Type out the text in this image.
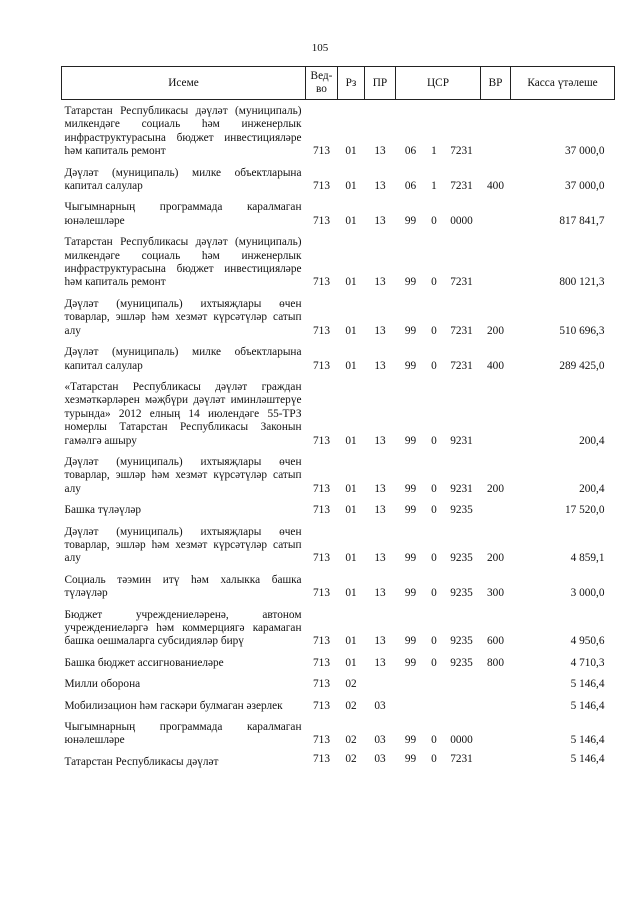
105
Исеме	Вед-во	Рз	ПР	ЦСР			ВР	Касса үтәлеше
Татарстан Республикасы дәүләт (муниципаль) милкендәге социаль һәм инженерлык инфраструктурасына бюджет инвестицияләре һәм капиталь ремонт	713	01	13	06	1	7231		37 000,0
Дәүләт (муниципаль) милке объектларына капитал салулар	713	01	13	06	1	7231	400	37 000,0
Чыгымнарның программада каралмаган юнәлешләре	713	01	13	99	0	0000		817 841,7
Татарстан Республикасы дәүләт (муниципаль) милкендәге социаль һәм инженерлык инфраструктурасына бюджет инвестицияләре һәм капиталь ремонт	713	01	13	99	0	7231		800 121,3
Дәүләт (муниципаль) ихтыяҗлары өчен товарлар, эшләр һәм хезмәт күрсәтүләр сатып алу	713	01	13	99	0	7231	200	510 696,3
Дәүләт (муниципаль) милке объектларына капитал салулар	713	01	13	99	0	7231	400	289 425,0
«Татарстан Республикасы дәүләт граждан хезмәткәрләрен мәҗбүри дәүләт иминләштерүе турында» 2012 елның 14 июлендәге 55-ТРЗ номерлы Татарстан Республикасы Законын гамәлгә ашыру	713	01	13	99	0	9231		200,4
Дәүләт (муниципаль) ихтыяҗлары өчен товарлар, эшләр һәм хезмәт күрсәтүләр сатып алу	713	01	13	99	0	9231	200	200,4
Башка түләүләр	713	01	13	99	0	9235		17 520,0
Дәүләт (муниципаль) ихтыяҗлары өчен товарлар, эшләр һәм хезмәт күрсәтүләр сатып алу	713	01	13	99	0	9235	200	4 859,1
Социаль тәэмин итү һәм халыкка башка түләүләр	713	01	13	99	0	9235	300	3 000,0
Бюджет учреждениеләренә, автоном учреждениеләргә һәм коммерциягә карамаган башка оешмаларга субсидияләр бирү	713	01	13	99	0	9235	600	4 950,6
Башка бюджет ассигнованиеләре	713	01	13	99	0	9235	800	4 710,3
Милли оборона	713	02						5 146,4
Мобилизацион һәм гаскәри булмаган әзерлек	713	02	03					5 146,4
Чыгымнарның программада каралмаган юнәлешләре	713	02	03	99	0	0000		5 146,4
Татарстан Республикасы дәүләт	713	02	03	99	0	7231		5 146,4
